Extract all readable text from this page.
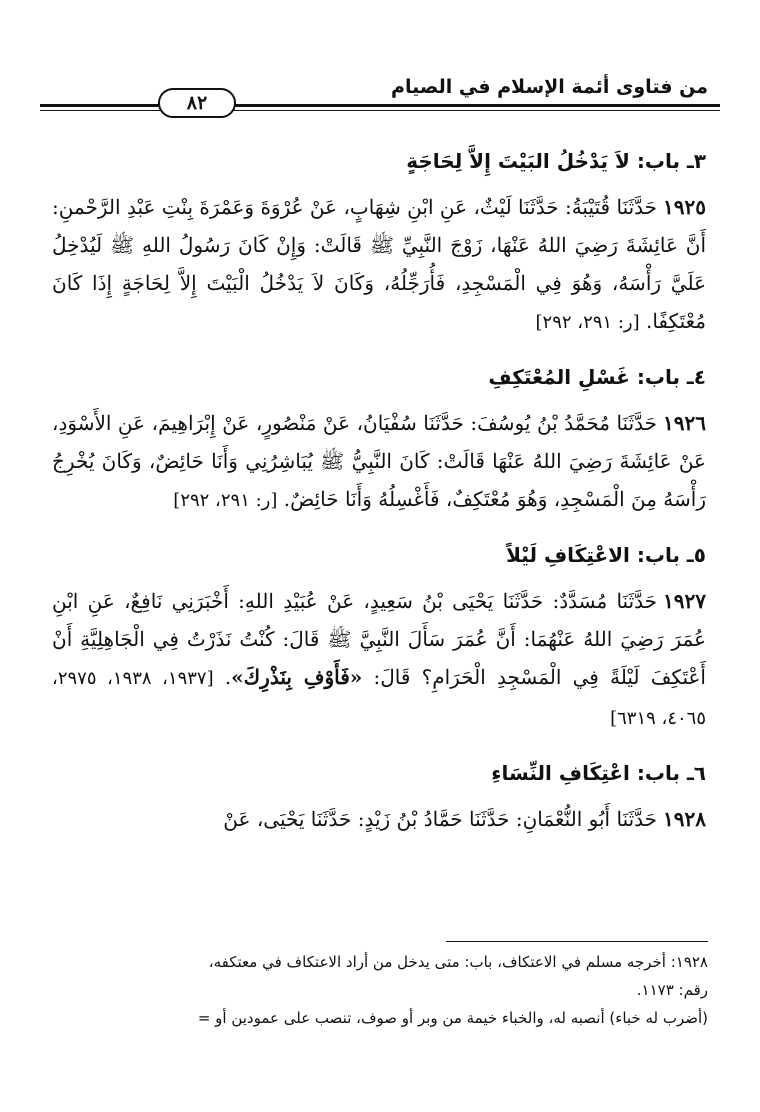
من فتاوى أئمة الإسلام في الصيام
٨٢
٣ـ باب: لاَ يَدْخُلُ البَيْتَ إِلاَّ لِحَاجَةٍ

١٩٢٥حَدَّثَنَا قُتَيْبَةُ: حَدَّثَنَا لَيْثٌ، عَنِ ابْنِ شِهَابٍ، عَنْ عُرْوَةَ وَعَمْرَةَ بِنْتِ عَبْدِ الرَّحْمنِ: أَنَّ عَائِشَةَ رَضِيَ اللهُ عَنْهَا، زَوْجَ النَّبِيِّ ﷺ قَالَتْ: وَإِنْ كَانَ رَسُولُ اللهِ ﷺ لَيُدْخِلُ عَلَيَّ رَأْسَهُ، وَهُوَ فِي الْمَسْجِدِ، فَأُرَجِّلُهُ، وَكَانَ لاَ يَدْخُلُ الْبَيْتَ إِلاَّ لِحَاجَةٍ إِذَا كَانَ مُعْتَكِفًا. [ر: ٢٩١، ٢٩٢]

٤ـ باب: غَسْلِ المُعْتَكِفِ

١٩٢٦حَدَّثَنَا مُحَمَّدُ بْنُ يُوسُفَ: حَدَّثَنَا سُفْيَانُ، عَنْ مَنْصُورٍ، عَنْ إِبْرَاهِيمَ، عَنِ الأَسْوَدِ، عَنْ عَائِشَةَ رَضِيَ اللهُ عَنْهَا قَالَتْ: كَانَ النَّبِيُّ ﷺ يُبَاشِرُنِي وَأَنَا حَائِضٌ، وَكَانَ يُخْرِجُ رَأْسَهُ مِنَ الْمَسْجِدِ، وَهُوَ مُعْتَكِفٌ، فَأَغْسِلُهُ وَأَنَا حَائِضٌ. [ر: ٢٩١، ٢٩٢]

٥ـ باب: الاعْتِكَافِ لَيْلاً

١٩٢٧حَدَّثَنَا مُسَدَّدٌ: حَدَّثَنَا يَحْيَى بْنُ سَعِيدٍ، عَنْ عُبَيْدِ اللهِ: أَخْبَرَنِي نَافِعٌ، عَنِ ابْنِ عُمَرَ رَضِيَ اللهُ عَنْهُمَا: أَنَّ عُمَرَ سَأَلَ النَّبِيَّ ﷺ قَالَ: كُنْتُ نَذَرْتُ فِي الْجَاهِلِيَّةِ أَنْ أَعْتَكِفَ لَيْلَةً فِي الْمَسْجِدِ الْحَرَامِ؟ قَالَ: «فَأَوْفِ بِنَذْرِكَ». [١٩٣٧، ١٩٣٨، ٢٩٧٥، ٤٠٦٥، ٦٣١٩]

٦ـ باب: اعْتِكَافِ النِّسَاءِ

١٩٢٨حَدَّثَنَا أَبُو النُّعْمَانِ: حَدَّثَنَا حَمَّادُ بْنُ زَيْدٍ: حَدَّثَنَا يَحْيَى، عَنْ

١٩٢٨: أخرجه مسلم في الاعتكاف، باب: متى يدخل من أراد الاعتكاف في معتكفه،
رقم: ١١٧٣.
(أضرب له خباء) أنصبه له، والخباء خيمة من وبر أو صوف، تنصب على عمودين أو =
